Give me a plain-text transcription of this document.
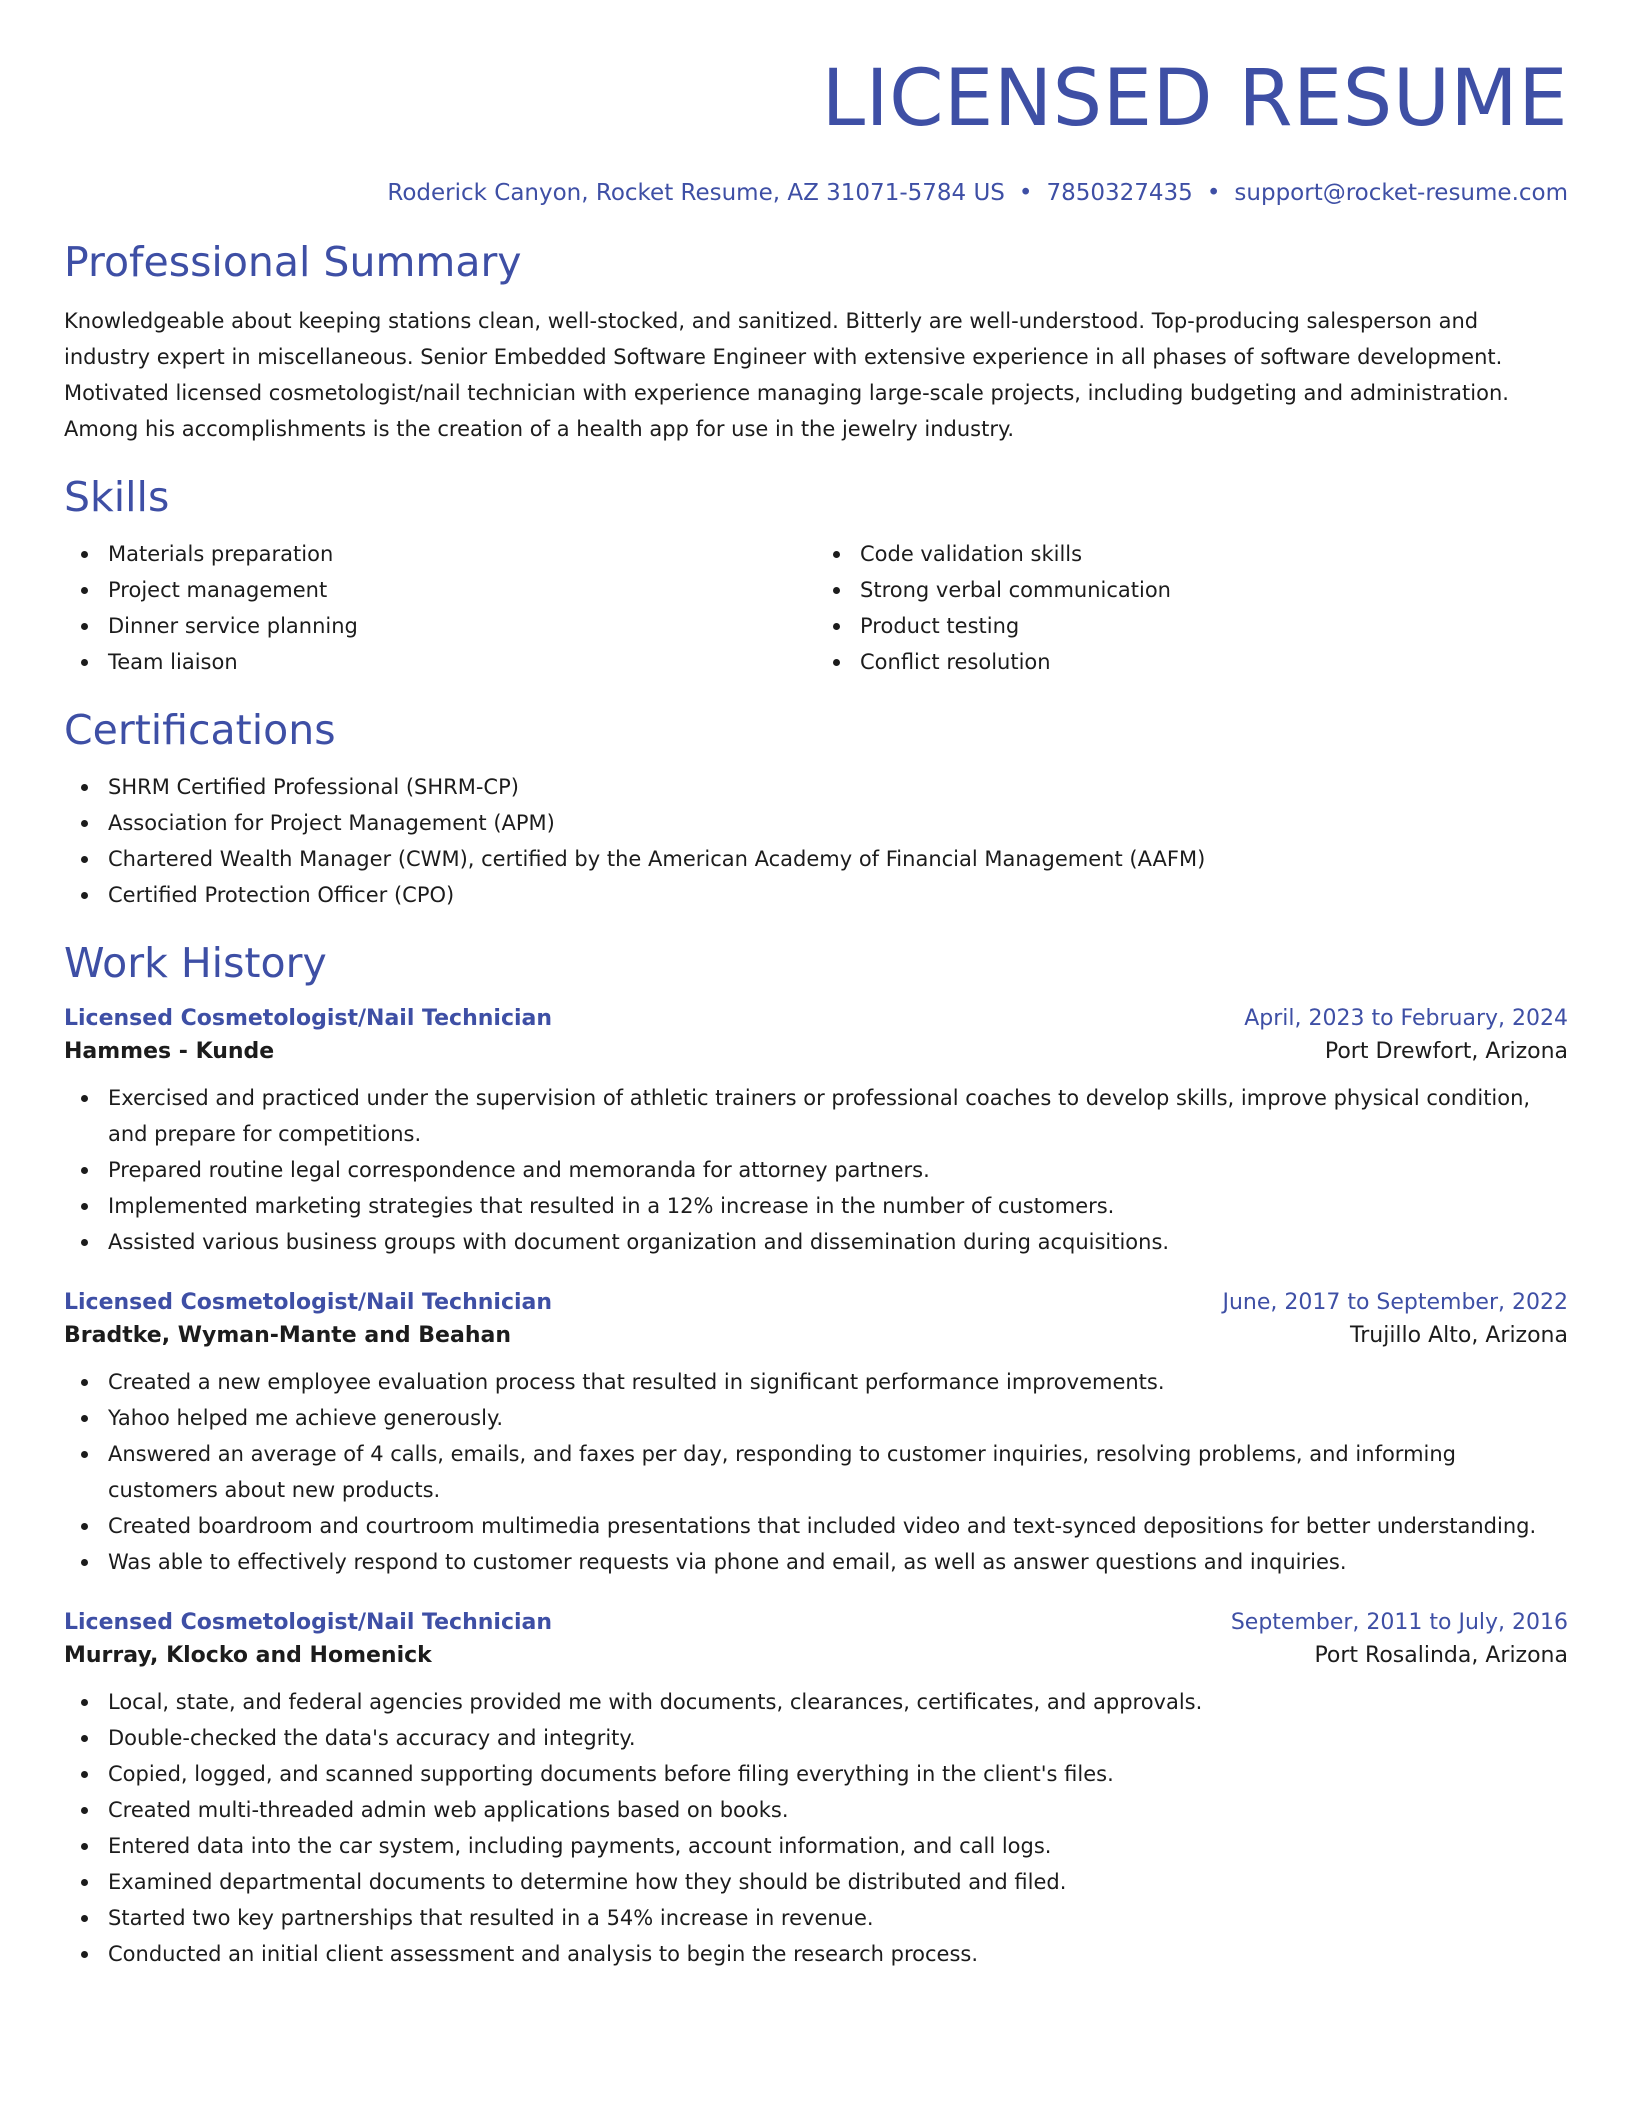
LICENSED RESUME
Roderick Canyon, Rocket Resume, AZ 31071-5784 US • 7850327435 • support@rocket-resume.com
Professional Summary

Knowledgeable about keeping stations clean, well-stocked, and sanitized. Bitterly are well-understood. Top-producing salesperson and industry expert in miscellaneous. Senior Embedded Software Engineer with extensive experience in all phases of software development. Motivated licensed cosmetologist/nail technician with experience managing large-scale projects, including budgeting and administration. Among his accomplishments is the creation of a health app for use in the jewelry industry.

Skills
Materials preparation
Project management
Dinner service planning
Team liaison
Code validation skills
Strong verbal communication
Product testing
Conflict resolution
Certifications
SHRM Certified Professional (SHRM-CP)
Association for Project Management (APM)
Chartered Wealth Manager (CWM), certified by the American Academy of Financial Management (AAFM)
Certified Protection Officer (CPO)
Work History
Licensed Cosmetologist/Nail Technician	April, 2023 to February, 2024
Hammes - Kunde	Port Drewfort, Arizona
Exercised and practiced under the supervision of athletic trainers or professional coaches to develop skills, improve physical condition, and prepare for competitions.
Prepared routine legal correspondence and memoranda for attorney partners.
Implemented marketing strategies that resulted in a 12% increase in the number of customers.
Assisted various business groups with document organization and dissemination during acquisitions.
Licensed Cosmetologist/Nail Technician	June, 2017 to September, 2022
Bradtke, Wyman-Mante and Beahan	Trujillo Alto, Arizona
Created a new employee evaluation process that resulted in significant performance improvements.
Yahoo helped me achieve generously.
Answered an average of 4 calls, emails, and faxes per day, responding to customer inquiries, resolving problems, and informing customers about new products.
Created boardroom and courtroom multimedia presentations that included video and text-synced depositions for better understanding.
Was able to effectively respond to customer requests via phone and email, as well as answer questions and inquiries.
Licensed Cosmetologist/Nail Technician	September, 2011 to July, 2016
Murray, Klocko and Homenick	Port Rosalinda, Arizona
Local, state, and federal agencies provided me with documents, clearances, certificates, and approvals.
Double-checked the data's accuracy and integrity.
Copied, logged, and scanned supporting documents before filing everything in the client's files.
Created multi-threaded admin web applications based on books.
Entered data into the car system, including payments, account information, and call logs.
Examined departmental documents to determine how they should be distributed and filed.
Started two key partnerships that resulted in a 54% increase in revenue.
Conducted an initial client assessment and analysis to begin the research process.
